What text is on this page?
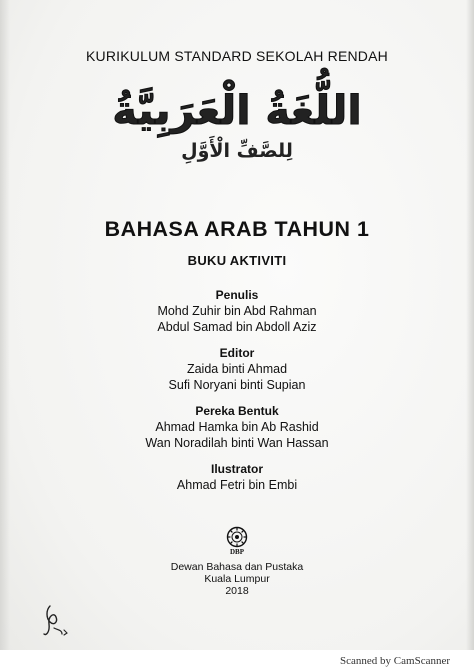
KURIKULUM STANDARD SEKOLAH RENDAH
اللُّغَةُ الْعَرَبِيَّةُ
لِلصَّفِّ الْأَوَّلِ
BAHASA ARAB TAHUN 1
BUKU AKTIVITI
Penulis
Mohd Zuhir bin Abd Rahman
Abdul Samad bin Abdoll Aziz
Editor
Zaida binti Ahmad
Sufi Noryani binti Supian
Pereka Bentuk
Ahmad Hamka bin Ab Rashid
Wan Noradilah binti Wan Hassan
Ilustrator
Ahmad Fetri bin Embi
DBP
Dewan Bahasa dan Pustaka
Kuala Lumpur
2018
Scanned by CamScanner
